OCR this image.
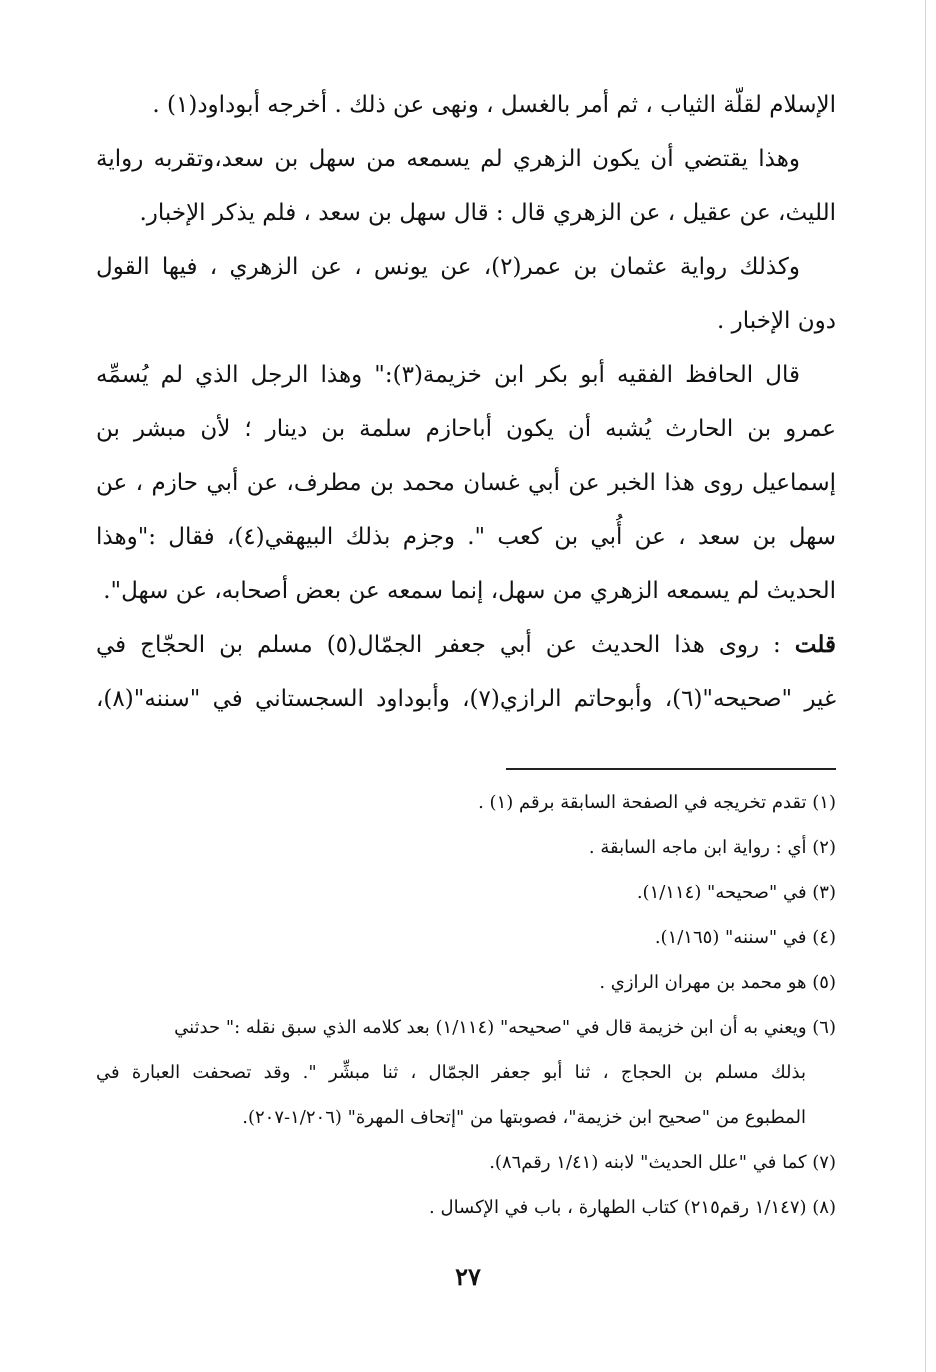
الإسلام لقلّة الثياب ، ثم أمر بالغسل ، ونهى عن ذلك . أخرجه أبوداود(١) .
وهذا يقتضي أن يكون الزهري لم يسمعه من سهل بن سعد،وتقربه رواية
الليث، عن عقيل ، عن الزهري قال : قال سهل بن سعد ، فلم يذكر الإخبار.
وكذلك رواية عثمان بن عمر(٢)، عن يونس ، عن الزهري ، فيها القول
دون الإخبار .
قال الحافظ الفقيه أبو بكر ابن خزيمة(٣):" وهذا الرجل الذي لم يُسمِّه
عمرو بن الحارث يُشبه أن يكون أباحازم سلمة بن دينار ؛ لأن مبشر بن
إسماعيل روى هذا الخبر عن أبي غسان محمد بن مطرف، عن أبي حازم ، عن
سهل بن سعد ، عن أُبي بن كعب ". وجزم بذلك البيهقي(٤)، فقال :"وهذا
الحديث لم يسمعه الزهري من سهل، إنما سمعه عن بعض أصحابه، عن سهل".
قلت : روى هذا الحديث عن أبي جعفر الجمّال(٥) مسلم بن الحجّاج في
غير "صحيحه"(٦)، وأبوحاتم الرازي(٧)، وأبوداود السجستاني في "سننه"(٨)،
(١) تقدم تخريجه في الصفحة السابقة برقم (١) .
(٢) أي : رواية ابن ماجه السابقة .
(٣) في "صحيحه" (١/١١٤).
(٤) في "سننه" (١/١٦٥).
(٥) هو محمد بن مهران الرازي .
(٦) ويعني به أن ابن خزيمة قال في "صحيحه" (١/١١٤) بعد كلامه الذي سبق نقله :" حدثني
بذلك مسلم بن الحجاج ، ثنا أبو جعفر الجمّال ، ثنا مبشِّر ". وقد تصحفت العبارة في
المطبوع من "صحيح ابن خزيمة"، فصوبتها من "إتحاف المهرة" (١/٢٠٦-٢٠٧).
(٧) كما في "علل الحديث" لابنه (١/٤١ رقم٨٦).
(٨) (١/١٤٧ رقم٢١٥) كتاب الطهارة ، باب في الإكسال .
٢٧
